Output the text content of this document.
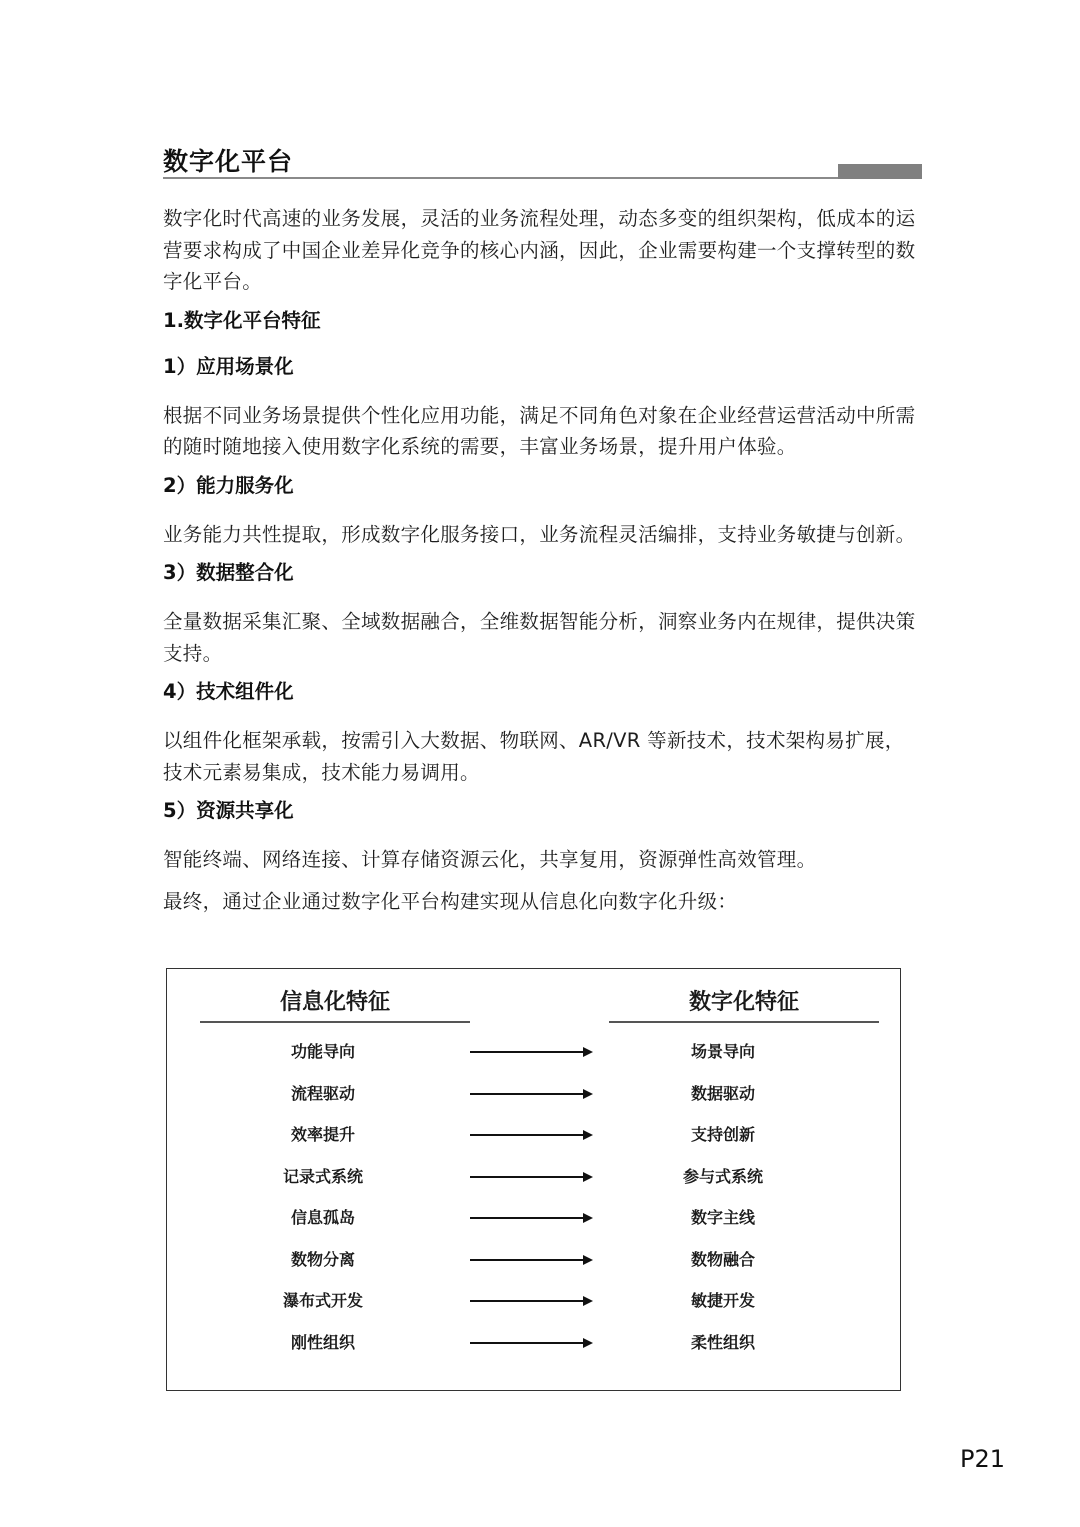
数字化平台

数字化时代高速的业务发展，灵活的业务流程处理，动态多变的组织架构，低成本的运营要求构成了中国企业差异化竞争的核心内涵，因此，企业需要构建一个支撑转型的数字化平台。

1.数字化平台特征
1）应用场景化

根据不同业务场景提供个性化应用功能，满足不同角色对象在企业经营运营活动中所需的随时随地接入使用数字化系统的需要，丰富业务场景，提升用户体验。

2）能力服务化

业务能力共性提取，形成数字化服务接口，业务流程灵活编排，支持业务敏捷与创新。

3）数据整合化

全量数据采集汇聚、全域数据融合，全维数据智能分析，洞察业务内在规律，提供决策支持。

4）技术组件化

以组件化框架承载，按需引入大数据、物联网、AR/VR 等新技术，技术架构易扩展，技术元素易集成，技术能力易调用。

5）资源共享化

智能终端、网络连接、计算存储资源云化，共享复用，资源弹性高效管理。

最终，通过企业通过数字化平台构建实现从信息化向数字化升级：

信息化特征	数字化特征
功能导向	场景导向
流程驱动	数据驱动
效率提升	支持创新
记录式系统	参与式系统
信息孤岛	数字主线
数物分离	数物融合
瀑布式开发	敏捷开发
刚性组织	柔性组织
P21
